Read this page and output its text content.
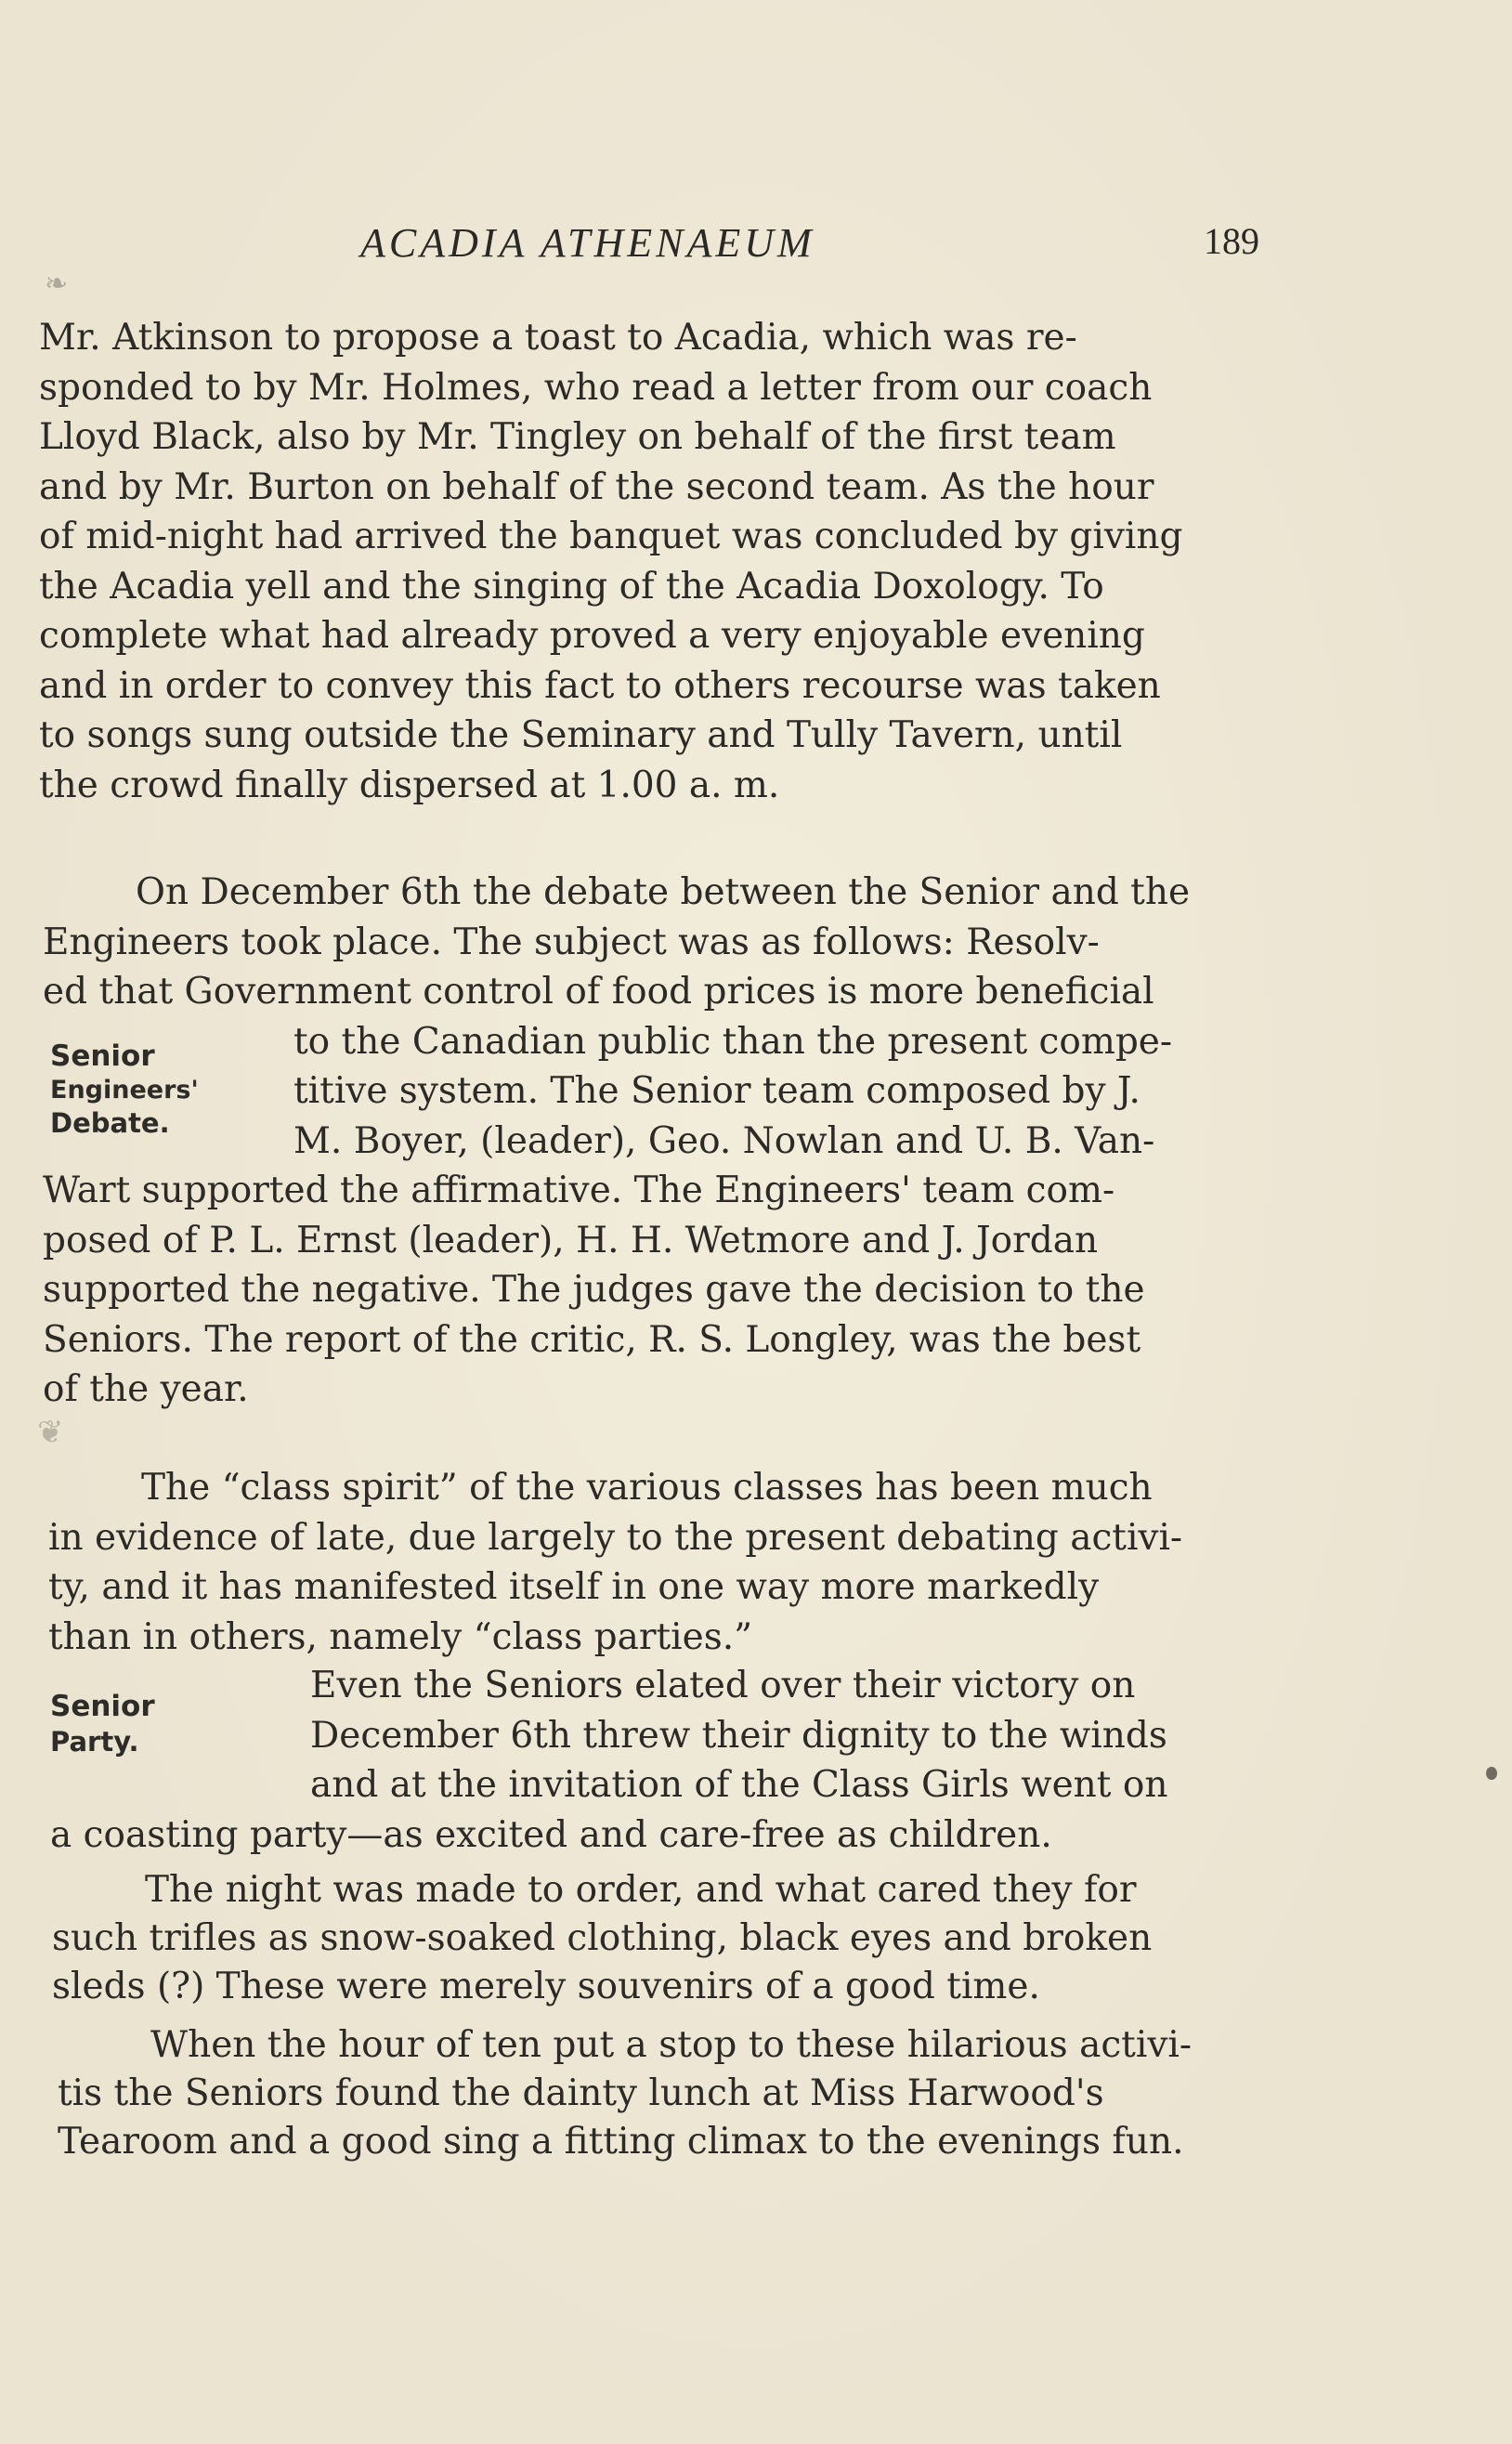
ACADIA ATHENAEUM	189
❧
Mr. Atkinson to propose a toast to Acadia, which was re-
sponded to by Mr. Holmes, who read a letter from our coach
Lloyd Black, also by Mr. Tingley on behalf of the first team
and by Mr. Burton on behalf of the second team. As the hour
of mid-night had arrived the banquet was concluded by giving
the Acadia yell and the singing of the Acadia Doxology. To
complete what had already proved a very enjoyable evening
and in order to convey this fact to others recourse was taken
to songs sung outside the Seminary and Tully Tavern, until
the crowd finally dispersed at 1.00 a. m.

On December 6th the debate between the Senior and the
Engineers took place. The subject was as follows: Resolv-
ed that Government control of food prices is more beneficial
to the Canadian public than the present compe-
titive system. The Senior team composed by J.
M. Boyer, (leader), Geo. Nowlan and U. B. Van-
Wart supported the affirmative. The Engineers' team com-
posed of P. L. Ernst (leader), H. H. Wetmore and J. Jordan
supported the negative. The judges gave the decision to the
Seniors. The report of the critic, R. S. Longley, was the best
of the year.

Senior
Engineers'
Debate.
❦
The “class spirit” of the various classes has been much
in evidence of late, due largely to the present debating activi-
ty, and it has manifested itself in one way more markedly
than in others, namely “class parties.”

Even the Seniors elated over their victory on
December 6th threw their dignity to the winds
and at the invitation of the Class Girls went on
a coasting party—as excited and care-free as children.

Senior
Party.
The night was made to order, and what cared they for
such trifles as snow-soaked clothing, black eyes and broken
sleds (?) These were merely souvenirs of a good time.

When the hour of ten put a stop to these hilarious activi-
tis the Seniors found the dainty lunch at Miss Harwood's
Tearoom and a good sing a fitting climax to the evenings fun.
